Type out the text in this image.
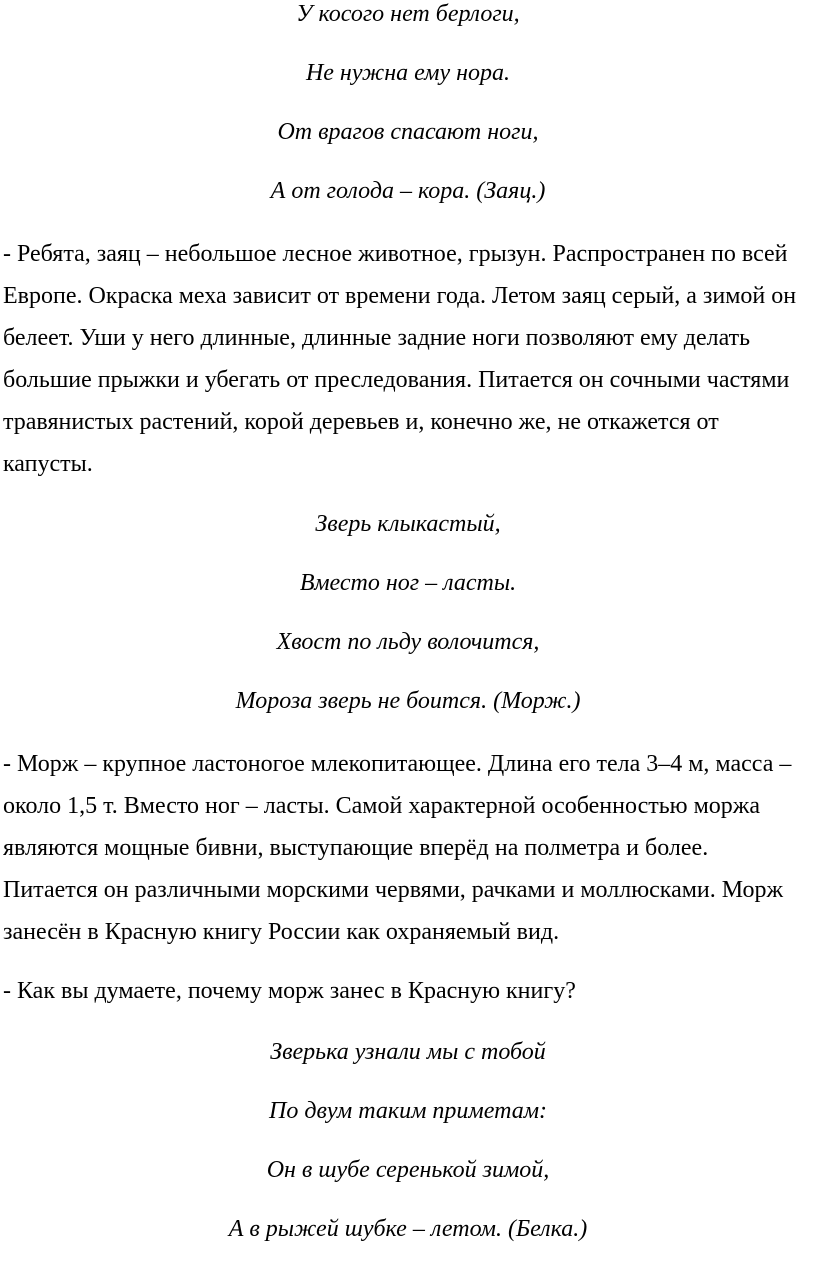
У косого нет берлоги,
Не нужна ему нора.
От врагов спасают ноги,
А от голода – кора. (Заяц.)
- Ребята, заяц – небольшое лесное животное, грызун. Распространен по всей
Европе. Окраска меха зависит от времени года. Летом заяц серый, а зимой он
белеет. Уши у него длинные, длинные задние ноги позволяют ему делать
большие прыжки и убегать от преследования. Питается он сочными частями
травянистых растений, корой деревьев и, конечно же, не откажется от
капусты.
Зверь клыкастый,
Вместо ног – ласты.
Хвост по льду волочится,
Мороза зверь не боится. (Морж.)
- Морж – крупное ластоногое млекопитающее. Длина его тела 3–4 м, масса –
около 1,5 т. Вместо ног – ласты. Самой характерной особенностью моржа
являются мощные бивни, выступающие вперёд на полметра и более.
Питается он различными морскими червями, рачками и моллюсками. Морж
занесён в Красную книгу России как охраняемый вид.
- Как вы думаете, почему морж занес в Красную книгу?
Зверька узнали мы с тобой
По двум таким приметам:
Он в шубе серенькой зимой,
А в рыжей шубке – летом. (Белка.)
